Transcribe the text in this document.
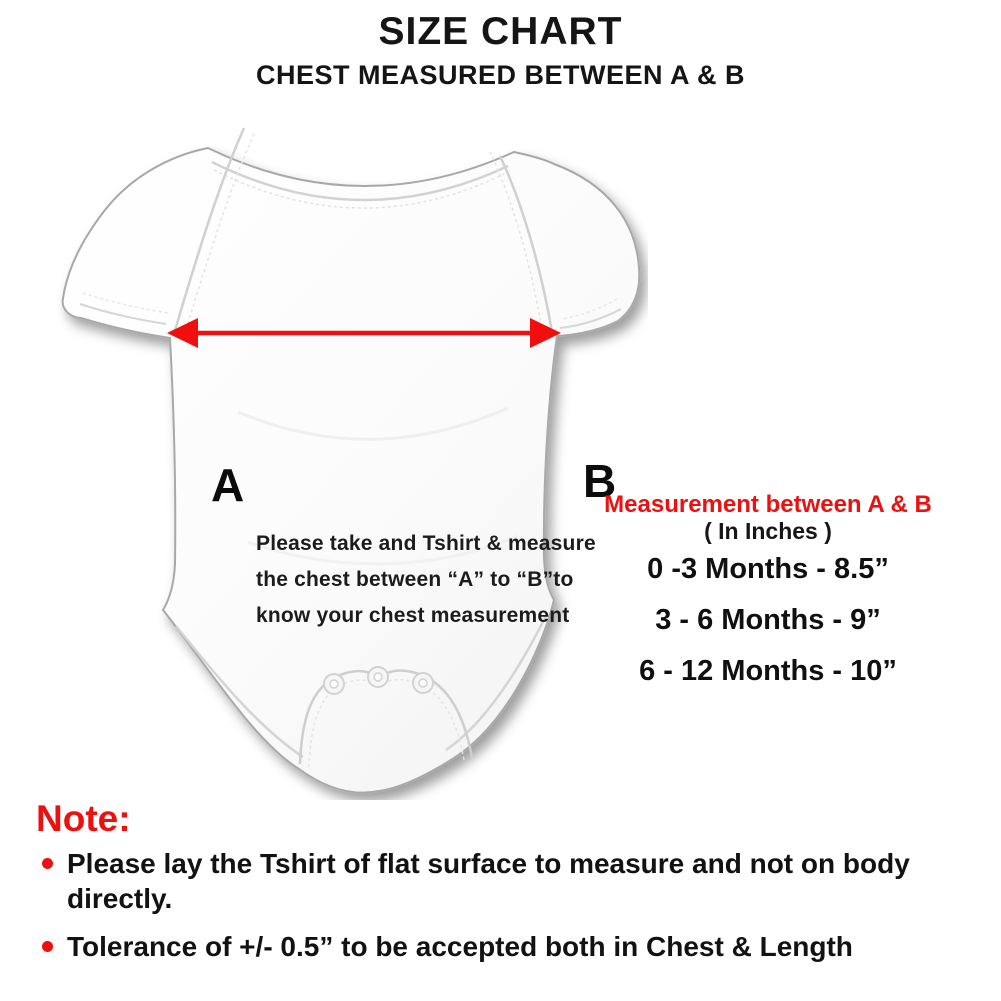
SIZE CHART
CHEST MEASURED BETWEEN A & B
A	B
Please take and Tshirt & measure
the chest between “A” to “B”to
know your chest measurement
Measurement between A & B
( In Inches )
0 -3 Months - 8.5”
3 - 6 Months - 9”
6 - 12 Months - 10”
Note:
Please lay the Tshirt of flat surface to measure and not on body directly.
Tolerance of +/- 0.5” to be accepted both in Chest & Length
